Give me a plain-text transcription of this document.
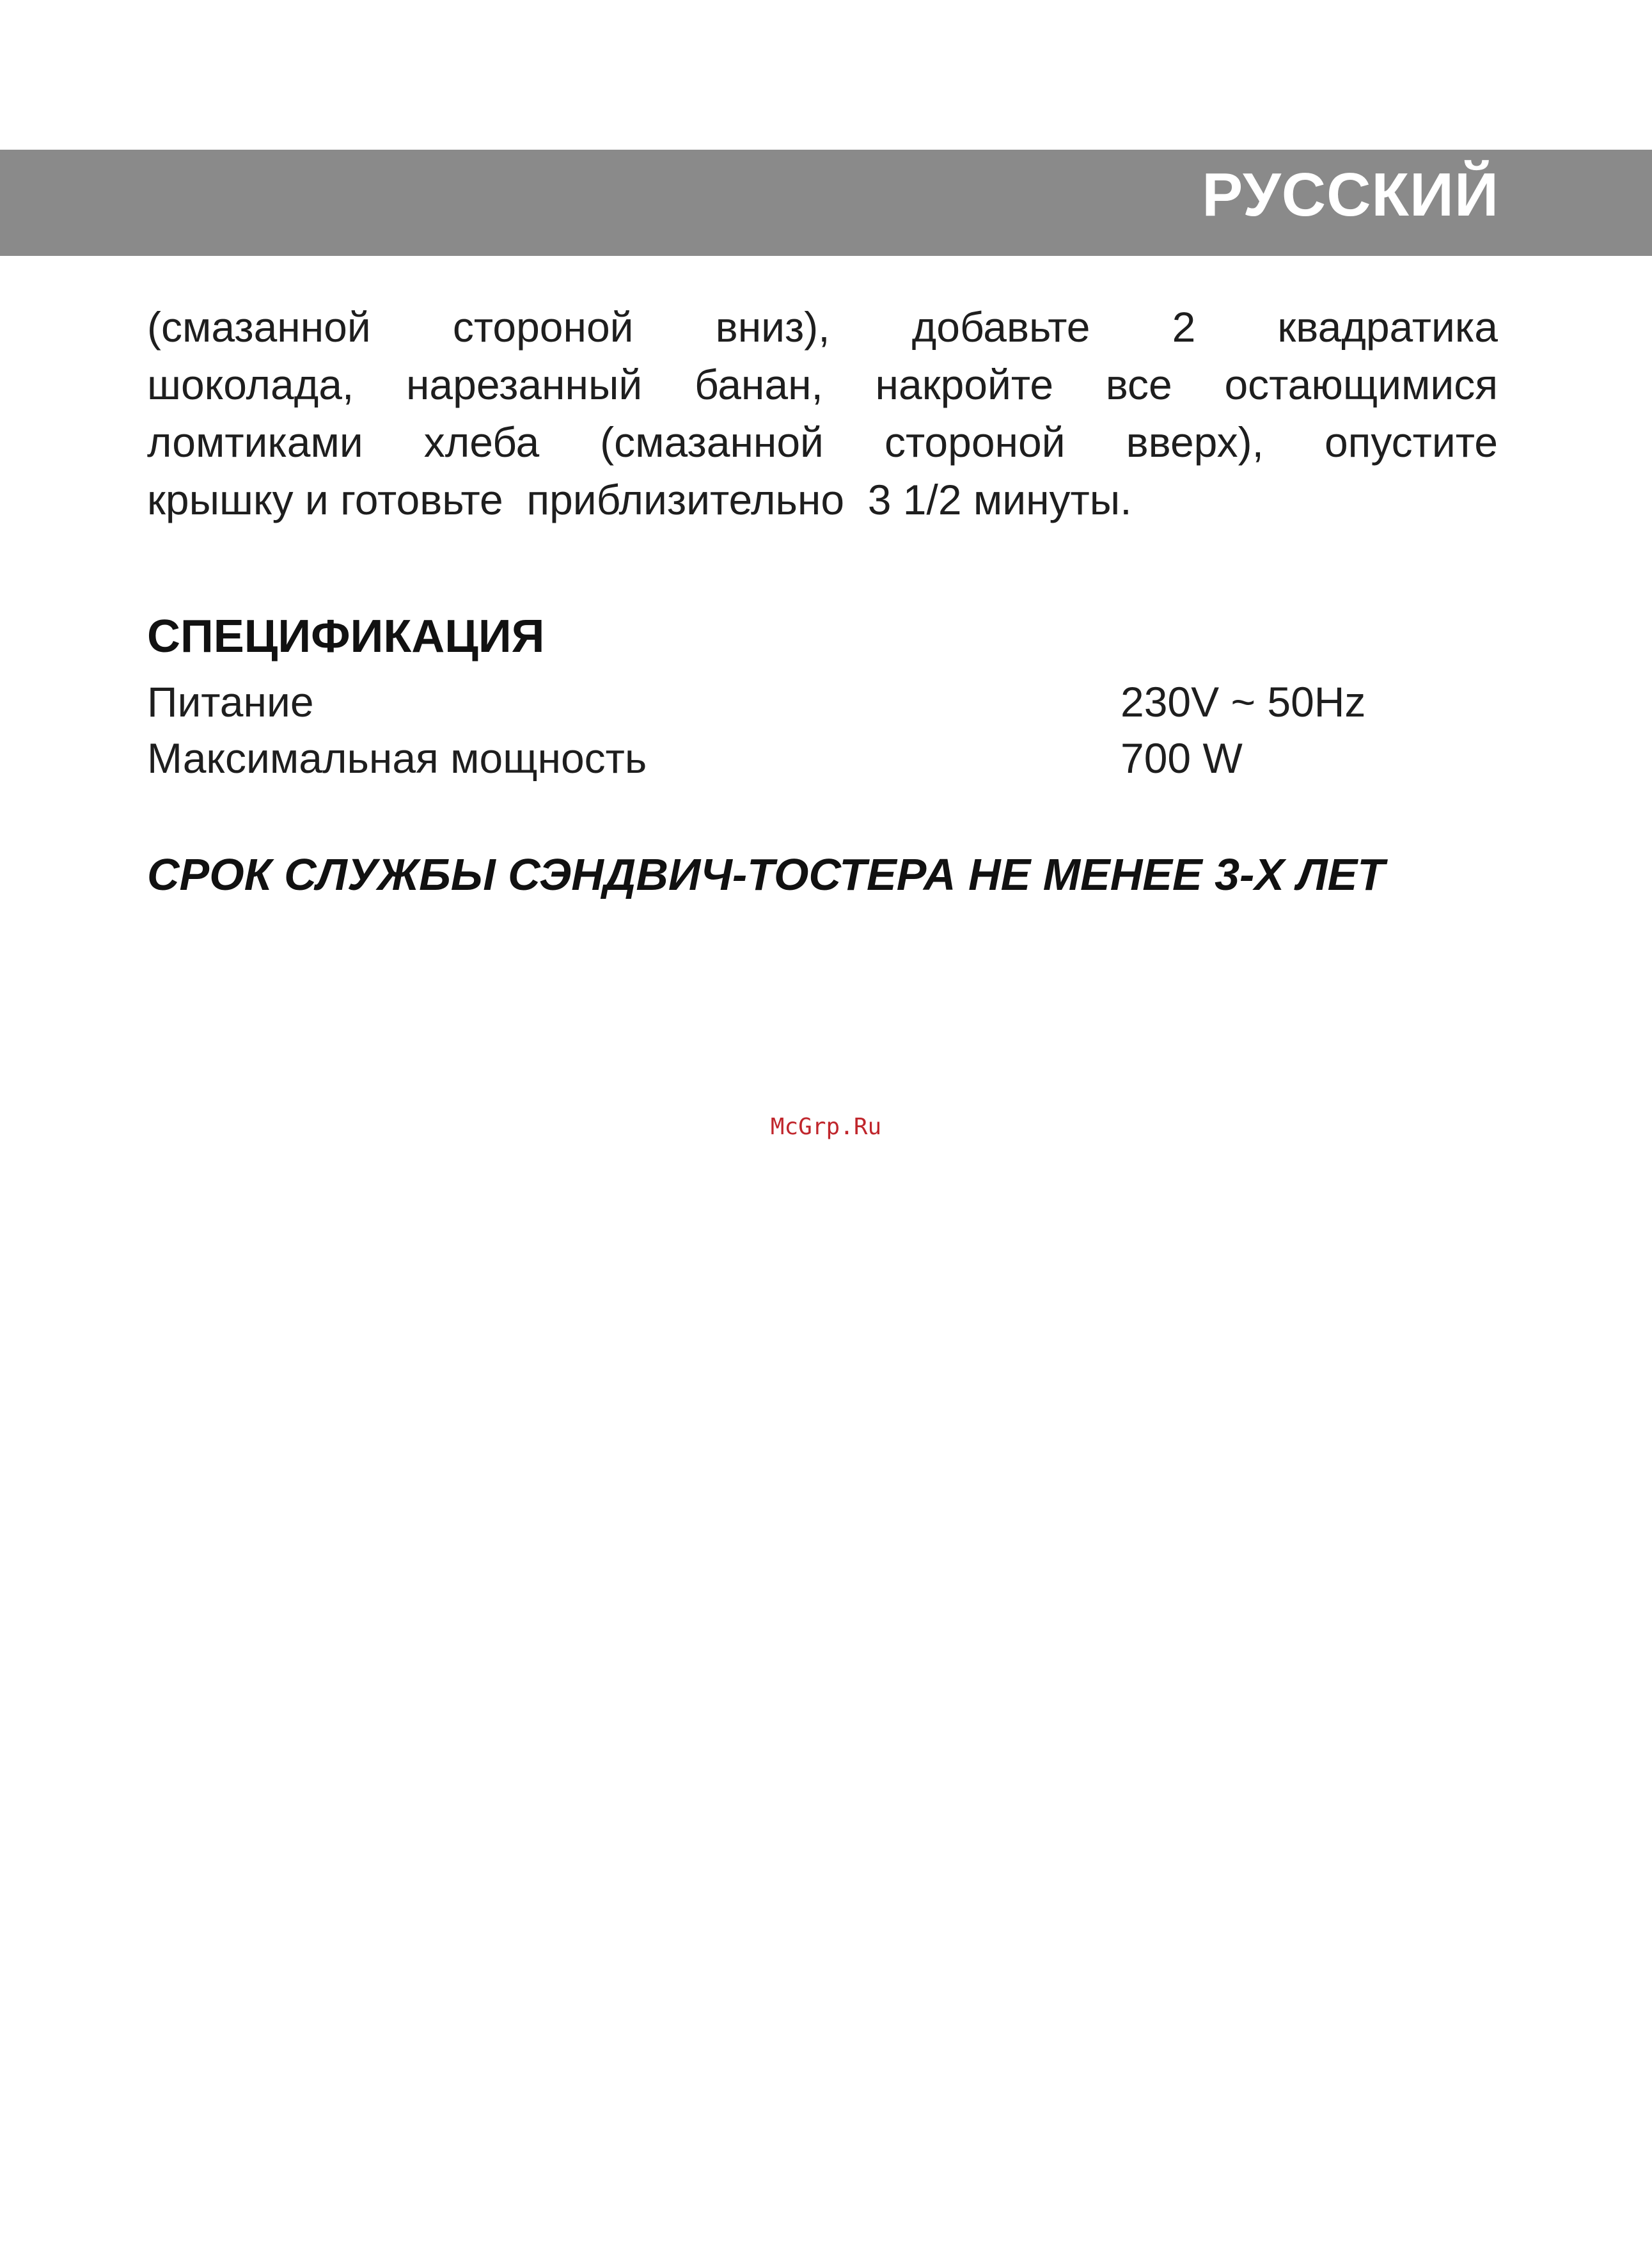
РУССКИЙ
(смазанной стороной вниз), добавьте 2 квадратика
шоколада, нарезанный банан, накройте все остающимися
ломтиками хлеба (смазанной стороной вверх), опустите
крышку и готовьте  приблизительно  3 1/2 минуты.
СПЕЦИФИКАЦИЯ
Питание	230V ~ 50Hz
Максимальная мощность	700 W
СРОК СЛУЖБЫ СЭНДВИЧ-ТОСТЕРА НЕ МЕНЕЕ 3-Х ЛЕТ
McGrp.Ru
